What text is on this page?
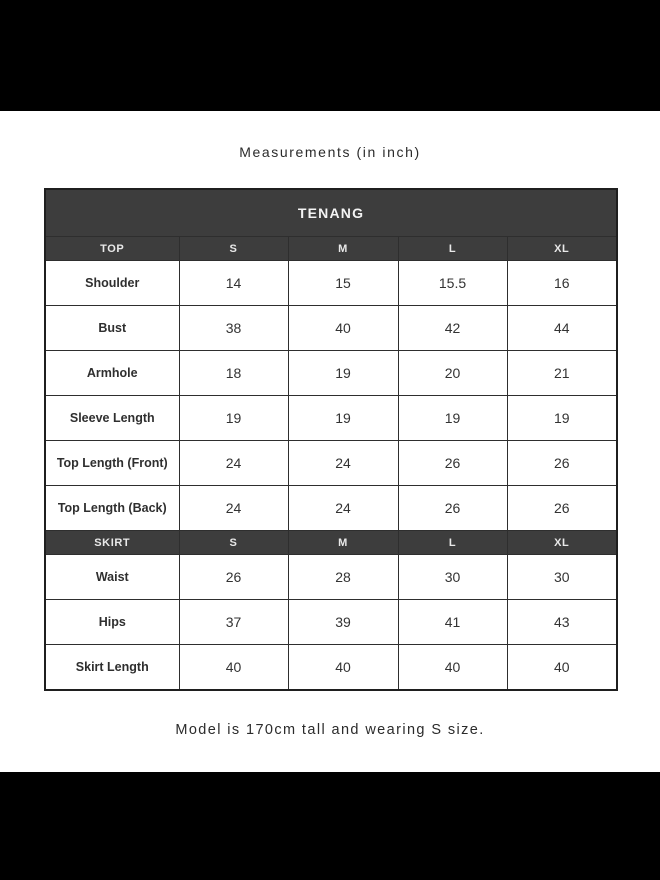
Measurements (in inch)
TENANG				
TOP	S	M	L	XL
Shoulder	14	15	15.5	16
Bust	38	40	42	44
Armhole	18	19	20	21
Sleeve Length	19	19	19	19
Top Length (Front)	24	24	26	26
Top Length (Back)	24	24	26	26
SKIRT	S	M	L	XL
Waist	26	28	30	30
Hips	37	39	41	43
Skirt Length	40	40	40	40
Model is 170cm tall and wearing S size.
